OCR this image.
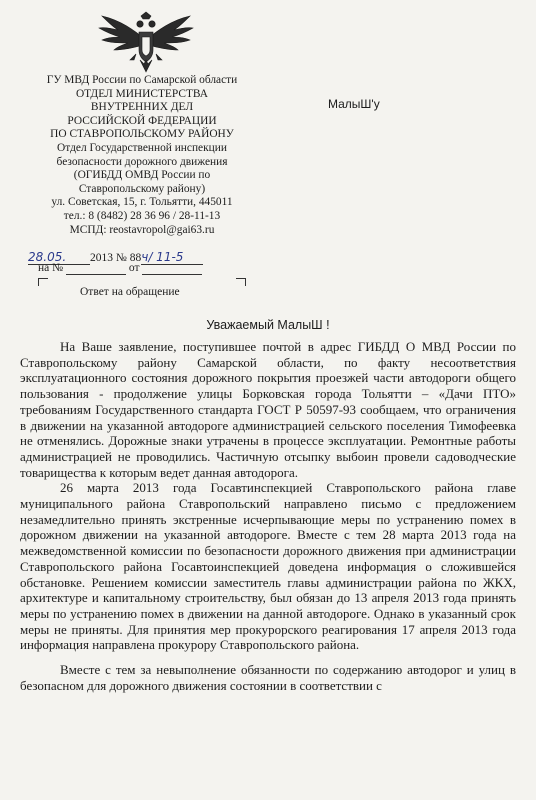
ГУ МВД России по Самарской области
ОТДЕЛ МИНИСТЕРСТВА
ВНУТРЕННИХ ДЕЛ
РОССИЙСКОЙ ФЕДЕРАЦИИ
ПО СТАВРОПОЛЬСКОМУ РАЙОНУ
Отдел Государственной инспекции
безопасности дорожного движения
(ОГИБДД ОМВД России по
Ставропольскому району)
ул. Советская, 15, г. Тольятти, 445011
тел.: 8 (8482) 28 36 96 / 28-11-13
МСПД: reostavropol@gai63.ru
МалыШ'у
28.05. 2013 № 88ч/ 11-5
на №	от
Ответ на обращение
Уважаемый МалыШ !

На Ваше заявление, поступившее почтой в адрес ГИБДД О МВД России по Ставропольскому району Самарской области, по факту несоответствия эксплуатационного состояния дорожного покрытия проезжей части автодороги общего пользования - продолжение улицы Борковская города Тольятти – «Дачи ПТО» требованиям Государственного стандарта ГОСТ Р 50597-93 сообщаем, что ограничения в движении на указанной автодороге администрацией сельского поселения Тимофеевка не отменялись. Дорожные знаки утрачены в процессе эксплуатации. Ремонтные работы администрацией не проводились. Частичную отсыпку выбоин провели садоводческие товарищества к которым ведет данная автодорога.

26 марта 2013 года Госавтинспекцией Ставропольского района главе муниципального района Ставропольский направлено письмо с предложением незамедлительно принять экстренные исчерпывающие меры по устранению помех в дорожном движении на указанной автодороге. Вместе с тем 28 марта 2013 года на межведомственной комиссии по безопасности дорожного движения при администрации Ставропольского района Госавтоинспекцией доведена информация о сложившейся обстановке. Решением комиссии заместитель главы администрации района по ЖКХ, архитектуре и капитальному строительству, был обязан до 13 апреля 2013 года принять меры по устранению помех в движении на данной автодороге. Однако в указанный срок меры не приняты. Для принятия мер прокурорского реагирования 17 апреля 2013 года информация направлена прокурору Ставропольского района.

Вместе с тем за невыполнение обязанности по содержанию автодорог и улиц в безопасном для дорожного движения состоянии в соответствии с
